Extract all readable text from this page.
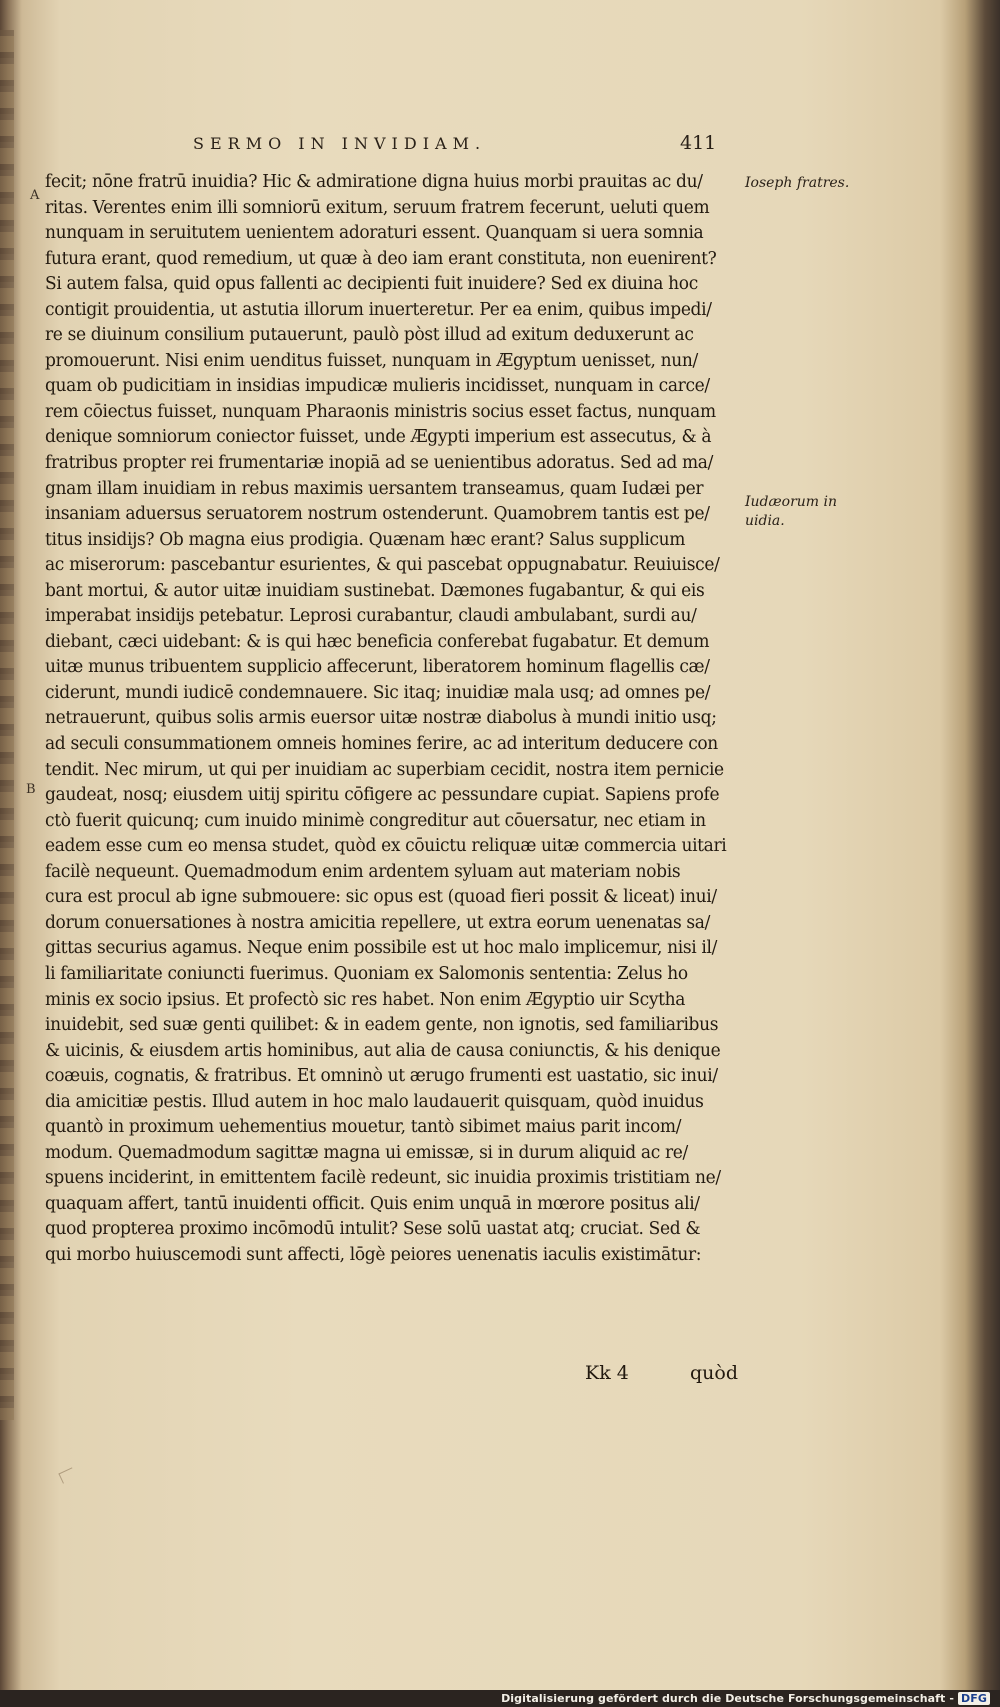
SERMO IN INVIDIAM.	411
A
B
fecit; nōne fratrū inuidia? Hic & admiratione digna huius morbi prauitas ac du/
ritas. Verentes enim illi somniorū exitum, seruum fratrem fecerunt, ueluti quem
nunquam in seruitutem uenientem adoraturi essent. Quanquam si uera somnia
futura erant, quod remedium, ut quæ à deo iam erant constituta, non euenirent?
Si autem falsa, quid opus fallenti ac decipienti fuit inuidere? Sed ex diuina hoc
contigit prouidentia, ut astutia illorum inuerteretur. Per ea enim, quibus impedi/
re se diuinum consilium putauerunt, paulò pòst illud ad exitum deduxerunt ac
promouerunt. Nisi enim uenditus fuisset, nunquam in Ægyptum uenisset, nun/
quam ob pudicitiam in insidias impudicæ mulieris incidisset, nunquam in carce/
rem cōiectus fuisset, nunquam Pharaonis ministris socius esset factus, nunquam
denique somniorum coniector fuisset, unde Ægypti imperium est assecutus, & à
fratribus propter rei frumentariæ inopiā ad se uenientibus adoratus. Sed ad ma/
gnam illam inuidiam in rebus maximis uersantem transeamus, quam Iudæi per
insaniam aduersus seruatorem nostrum ostenderunt. Quamobrem tantis est pe/
titus insidijs? Ob magna eius prodigia. Quænam hæc erant? Salus supplicum
ac miserorum: pascebantur esurientes, & qui pascebat oppugnabatur. Reuiuisce/
bant mortui, & autor uitæ inuidiam sustinebat. Dæmones fugabantur, & qui eis
imperabat insidijs petebatur. Leprosi curabantur, claudi ambulabant, surdi au/
diebant, cæci uidebant: & is qui hæc beneficia conferebat fugabatur. Et demum
uitæ munus tribuentem supplicio affecerunt, liberatorem hominum flagellis cæ/
ciderunt, mundi iudicē condemnauere. Sic itaq; inuidiæ mala usq; ad omnes pe/
netrauerunt, quibus solis armis euersor uitæ nostræ diabolus à mundi initio usq;
ad seculi consummationem omneis homines ferire, ac ad interitum deducere con
tendit. Nec mirum, ut qui per inuidiam ac superbiam cecidit, nostra item pernicie
gaudeat, nosq; eiusdem uitij spiritu cōfigere ac pessundare cupiat. Sapiens profe
ctò fuerit quicunq; cum inuido minimè congreditur aut cōuersatur, nec etiam in
eadem esse cum eo mensa studet, quòd ex cōuictu reliquæ uitæ commercia uitari
facilè nequeunt. Quemadmodum enim ardentem syluam aut materiam nobis
cura est procul ab igne submouere: sic opus est (quoad fieri possit & liceat) inui/
dorum conuersationes à nostra amicitia repellere, ut extra eorum uenenatas sa/
gittas securius agamus. Neque enim possibile est ut hoc malo implicemur, nisi il/
li familiaritate coniuncti fuerimus. Quoniam ex Salomonis sententia: Zelus ho
minis ex socio ipsius. Et profectò sic res habet. Non enim Ægyptio uir Scytha
inuidebit, sed suæ genti quilibet: & in eadem gente, non ignotis, sed familiaribus
& uicinis, & eiusdem artis hominibus, aut alia de causa coniunctis, & his denique
coæuis, cognatis, & fratribus. Et omninò ut ærugo frumenti est uastatio, sic inui/
dia amicitiæ pestis. Illud autem in hoc malo laudauerit quisquam, quòd inuidus
quantò in proximum uehementius mouetur, tantò sibimet maius parit incom/
modum. Quemadmodum sagittæ magna ui emissæ, si in durum aliquid ac re/
spuens inciderint, in emittentem facilè redeunt, sic inuidia proximis tristitiam ne/
quaquam affert, tantū inuidenti officit. Quis enim unquā in mœrore positus ali/
quod propterea proximo incōmodū intulit? Sese solū uastat atq; cruciat. Sed &
qui morbo huiuscemodi sunt affecti, lōgè peiores uenenatis iaculis existimātur:
Ioseph fratres.
Iudæorum in
uidia.
Kk 4	quòd
Digitalisierung gefördert durch die Deutsche Forschungsgemeinschaft - DFG
